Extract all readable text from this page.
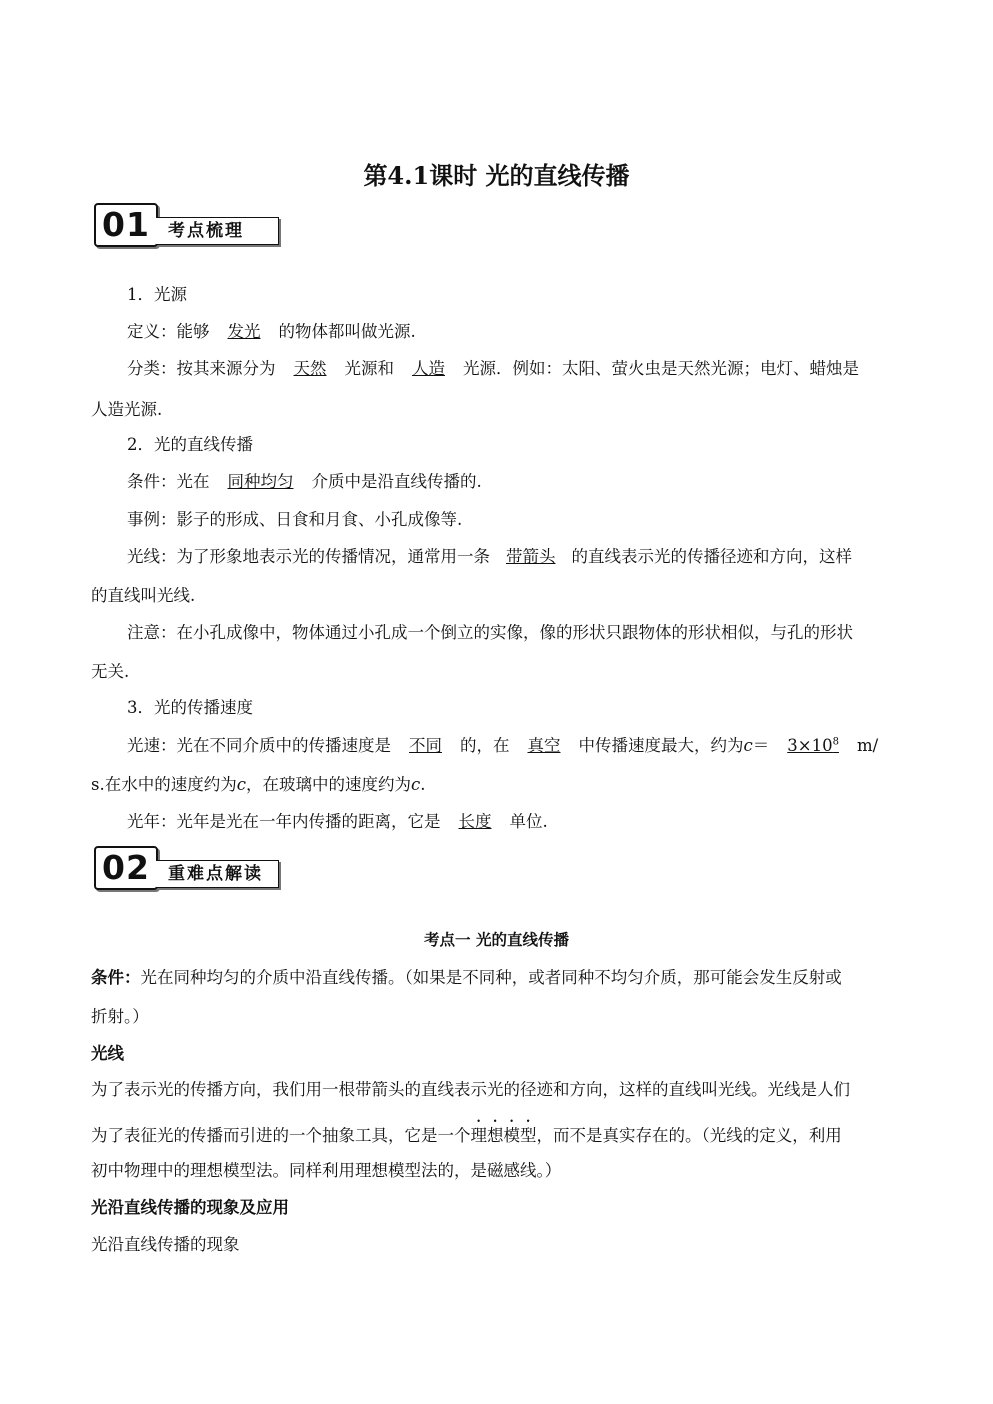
第4.1课时 光的直线传播
01	考点梳理
1．光源
定义：能够 发光 的物体都叫做光源.
分类：按其来源分为 天然 光源和 人造 光源．例如：太阳、萤火虫是天然光源；电灯、蜡烛是
人造光源.
2．光的直线传播
条件：光在 同种均匀 介质中是沿直线传播的.
事例：影子的形成、日食和月食、小孔成像等.
光线：为了形象地表示光的传播情况，通常用一条 带箭头 的直线表示光的传播径迹和方向，这样
的直线叫光线.
注意：在小孔成像中，物体通过小孔成一个倒立的实像，像的形状只跟物体的形状相似，与孔的形状
无关.
3．光的传播速度
光速：光在不同介质中的传播速度是 不同 的，在 真空 中传播速度最大，约为$c= 3\times 10^8$ m/
s.在水中的速度约为c，在玻璃中的速度约为c.
光年：光年是光在一年内传播的距离，它是 长度 单位.
02	重难点解读
考点一 光的直线传播
条件：光在同种均匀的介质中沿直线传播。（如果是不同种，或者同种不均匀介质，那可能会发生反射或
折射。）
光线
为了表示光的传播方向，我们用一根带箭头的直线表示光的径迹和方向，这样的直线叫光线。光线是人们
为了表征光的传播而引进的一个抽象工具，它是一个理想模型，而不是真实存在的。（光线的定义，利用
初中物理中的理想模型法。同样利用理想模型法的，是磁感线。）
光沿直线传播的现象及应用
光沿直线传播的现象
